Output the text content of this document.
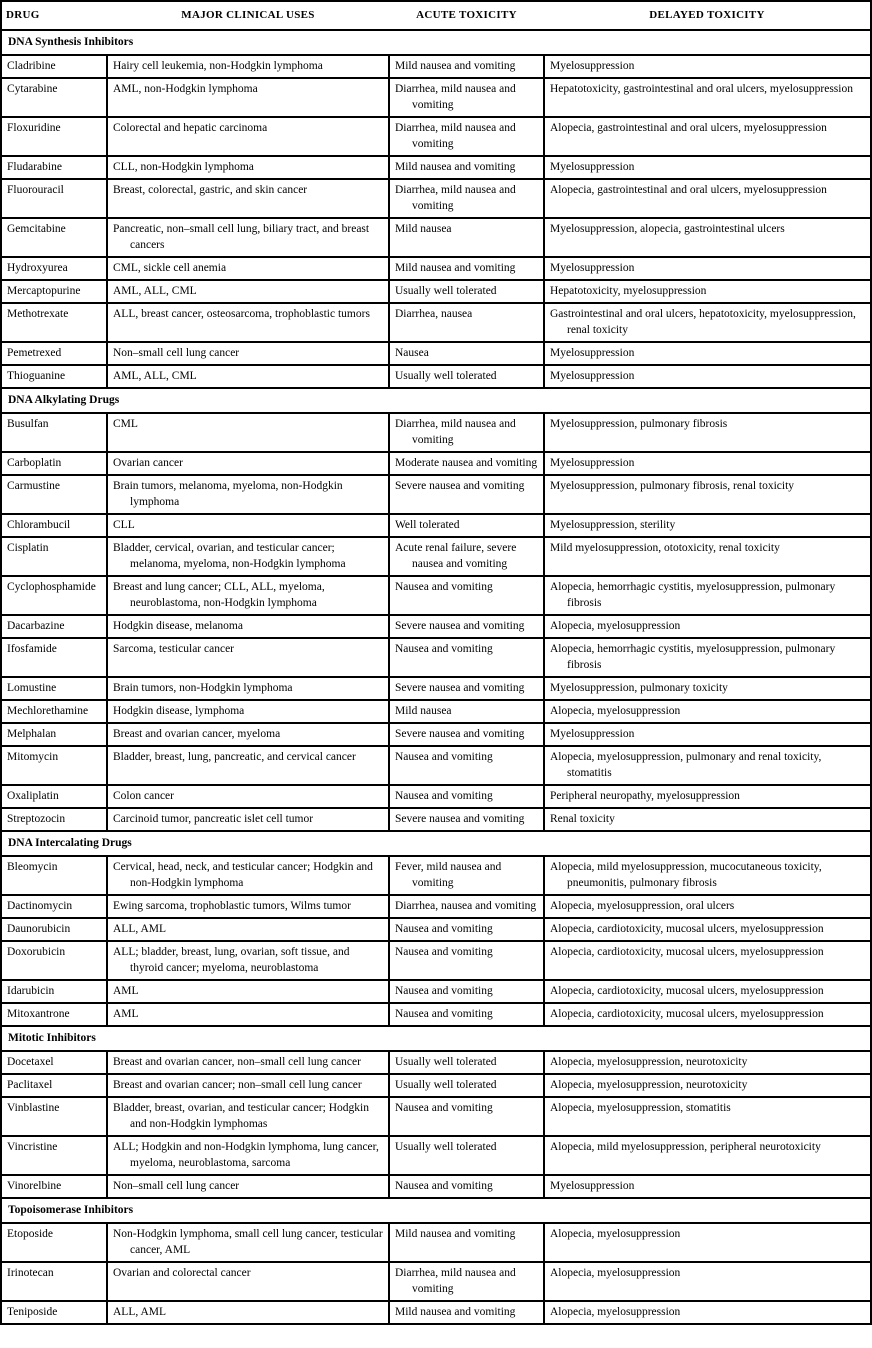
DRUG	MAJOR CLINICAL USES	ACUTE TOXICITY	DELAYED TOXICITY
DNA Synthesis Inhibitors			

Cladribine	Hairy cell leukemia, non-Hodgkin lymphoma	Mild nausea and vomiting	Myelosuppression

Cytarabine	AML, non-Hodgkin lymphoma	Diarrhea, mild nausea and vomiting	Hepatotoxicity, gastrointestinal and oral ulcers, myelosuppression

Floxuridine	Colorectal and hepatic carcinoma	Diarrhea, mild nausea and vomiting	Alopecia, gastrointestinal and oral ulcers, myelosuppression

Fludarabine	CLL, non-Hodgkin lymphoma	Mild nausea and vomiting	Myelosuppression

Fluorouracil	Breast, colorectal, gastric, and skin cancer	Diarrhea, mild nausea and vomiting	Alopecia, gastrointestinal and oral ulcers, myelosuppression

Gemcitabine	Pancreatic, non–small cell lung, biliary tract, and breast cancers	Mild nausea	Myelosuppression, alopecia, gastrointestinal ulcers

Hydroxyurea	CML, sickle cell anemia	Mild nausea and vomiting	Myelosuppression

Mercaptopurine	AML, ALL, CML	Usually well tolerated	Hepatotoxicity, myelosuppression

Methotrexate	ALL, breast cancer, osteosarcoma, trophoblastic tumors	Diarrhea, nausea	Gastrointestinal and oral ulcers, hepatotoxicity, myelosuppression, renal toxicity

Pemetrexed	Non–small cell lung cancer	Nausea	Myelosuppression

Thioguanine	AML, ALL, CML	Usually well tolerated	Myelosuppression

DNA Alkylating Drugs			

Busulfan	CML	Diarrhea, mild nausea and vomiting	Myelosuppression, pulmonary fibrosis

Carboplatin	Ovarian cancer	Moderate nausea and vomiting	Myelosuppression

Carmustine	Brain tumors, melanoma, myeloma, non-Hodgkin lymphoma	Severe nausea and vomiting	Myelosuppression, pulmonary fibrosis, renal toxicity

Chlorambucil	CLL	Well tolerated	Myelosuppression, sterility

Cisplatin	Bladder, cervical, ovarian, and testicular cancer; melanoma, myeloma, non-Hodgkin lymphoma	Acute renal failure, severe nausea and vomiting	Mild myelosuppression, ototoxicity, renal toxicity

Cyclophosphamide	Breast and lung cancer; CLL, ALL, myeloma, neuroblastoma, non-Hodgkin lymphoma	Nausea and vomiting	Alopecia, hemorrhagic cystitis, myelosuppression, pulmonary fibrosis

Dacarbazine	Hodgkin disease, melanoma	Severe nausea and vomiting	Alopecia, myelosuppression

Ifosfamide	Sarcoma, testicular cancer	Nausea and vomiting	Alopecia, hemorrhagic cystitis, myelosuppression, pulmonary fibrosis

Lomustine	Brain tumors, non-Hodgkin lymphoma	Severe nausea and vomiting	Myelosuppression, pulmonary toxicity

Mechlorethamine	Hodgkin disease, lymphoma	Mild nausea	Alopecia, myelosuppression

Melphalan	Breast and ovarian cancer, myeloma	Severe nausea and vomiting	Myelosuppression

Mitomycin	Bladder, breast, lung, pancreatic, and cervical cancer	Nausea and vomiting	Alopecia, myelosuppression, pulmonary and renal toxicity, stomatitis

Oxaliplatin	Colon cancer	Nausea and vomiting	Peripheral neuropathy, myelosuppression

Streptozocin	Carcinoid tumor, pancreatic islet cell tumor	Severe nausea and vomiting	Renal toxicity

DNA Intercalating Drugs			

Bleomycin	Cervical, head, neck, and testicular cancer; Hodgkin and non-Hodgkin lymphoma	Fever, mild nausea and vomiting	Alopecia, mild myelosuppression, mucocutaneous toxicity, pneumonitis, pulmonary fibrosis

Dactinomycin	Ewing sarcoma, trophoblastic tumors, Wilms tumor	Diarrhea, nausea and vomiting	Alopecia, myelosuppression, oral ulcers

Daunorubicin	ALL, AML	Nausea and vomiting	Alopecia, cardiotoxicity, mucosal ulcers, myelosuppression

Doxorubicin	ALL; bladder, breast, lung, ovarian, soft tissue, and thyroid cancer; myeloma, neuroblastoma	Nausea and vomiting	Alopecia, cardiotoxicity, mucosal ulcers, myelosuppression

Idarubicin	AML	Nausea and vomiting	Alopecia, cardiotoxicity, mucosal ulcers, myelosuppression

Mitoxantrone	AML	Nausea and vomiting	Alopecia, cardiotoxicity, mucosal ulcers, myelosuppression

Mitotic Inhibitors			

Docetaxel	Breast and ovarian cancer, non–small cell lung cancer	Usually well tolerated	Alopecia, myelosuppression, neurotoxicity

Paclitaxel	Breast and ovarian cancer; non–small cell lung cancer	Usually well tolerated	Alopecia, myelosuppression, neurotoxicity

Vinblastine	Bladder, breast, ovarian, and testicular cancer; Hodgkin and non-Hodgkin lymphomas	Nausea and vomiting	Alopecia, myelosuppression, stomatitis

Vincristine	ALL; Hodgkin and non-Hodgkin lymphoma, lung cancer, myeloma, neuroblastoma, sarcoma	Usually well tolerated	Alopecia, mild myelosuppression, peripheral neurotoxicity

Vinorelbine	Non–small cell lung cancer	Nausea and vomiting	Myelosuppression

Topoisomerase Inhibitors			

Etoposide	Non-Hodgkin lymphoma, small cell lung cancer, testicular cancer, AML	Mild nausea and vomiting	Alopecia, myelosuppression

Irinotecan	Ovarian and colorectal cancer	Diarrhea, mild nausea and vomiting	Alopecia, myelosuppression

Teniposide	ALL, AML	Mild nausea and vomiting	Alopecia, myelosuppression
